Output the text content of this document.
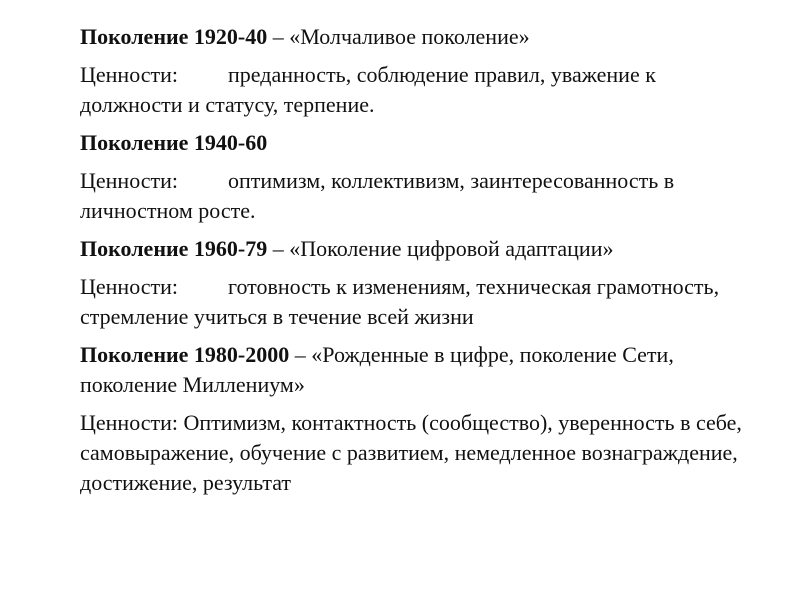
Поколение 1920-40 – «Молчаливое поколение»

Ценности: преданность, соблюдение правил, уважение к должности и статусу, терпение.

Поколение 1940-60

Ценности: оптимизм, коллективизм, заинтересованность в личностном росте.

Поколение 1960-79 – «Поколение цифровой адаптации»

Ценности: готовность к изменениям, техническая грамотность, стремление учиться в течение всей жизни

Поколение 1980-2000 – «Рожденные в цифре, поколение Сети, поколение Миллениум»

Ценности: Оптимизм, контактность (сообщество), уверенность в себе, самовыражение, обучение с развитием, немедленное вознаграждение, достижение, результат
